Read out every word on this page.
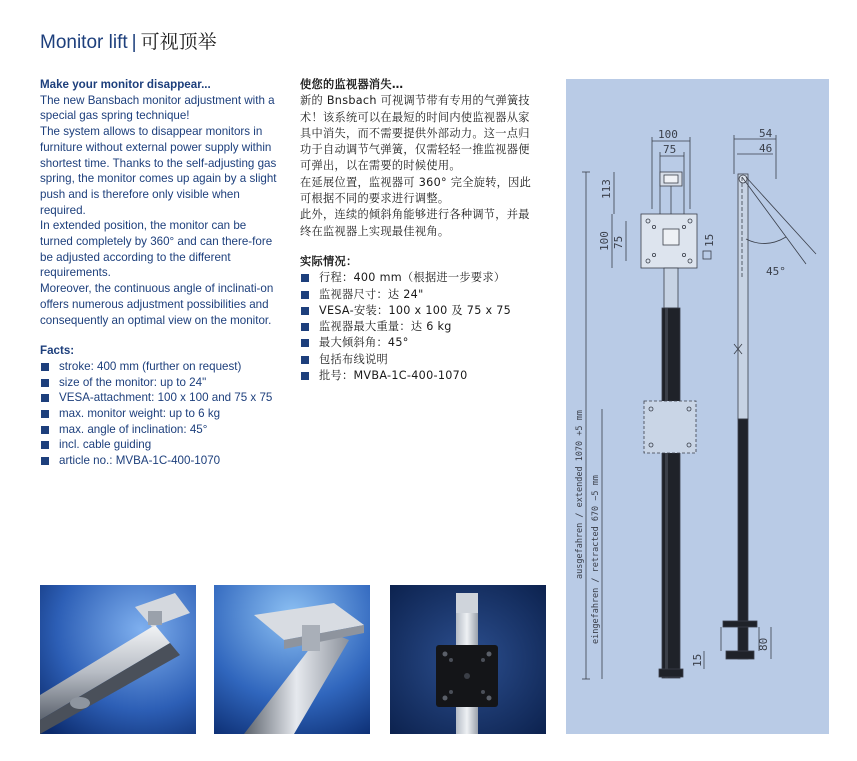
Monitor lift | 可视顶举

Make your monitor disappear...

The new Bansbach monitor adjustment with a special gas spring technique!

The system allows to disappear monitors in furniture without external power supply within shortest time. Thanks to the self-adjusting gas spring, the monitor comes up again by a slight push and is therefore only visible when required.

In extended position, the monitor can be turned completely by 360° and can there-fore be adjusted according to the different requirements.

Moreover, the continuous angle of inclinati-on offers numerous adjustment possibilities and consequently an optimal view on the monitor.

Facts:

stroke: 400 mm (further on request)
size of the monitor: up to 24"
VESA-attachment: 100 x 100 and 75 x 75
max. monitor weight: up to 6 kg
max. angle of inclination: 45°
incl. cable guiding
article no.: MVBA-1C-400-1070

使您的监视器消失…

新的 Bnsbach 可视调节带有专用的气弹簧技术！该系统可以在最短的时间内使监视器从家具中消失，而不需要提供外部动力。这一点归功于自动调节气弹簧，仅需轻轻一推监视器便可弹出，以在需要的时候使用。

在延展位置，监视器可 360° 完全旋转，因此可根据不同的要求进行调整。

此外，连续的倾斜角能够进行各种调节，并最终在监视器上实现最佳视角。

实际情况：

行程：400 mm（根据进一步要求）
监视器尺寸：达 24"
VESA-安装：100 x 100 及 75 x 75
监视器最大重量：达 6 kg
最大倾斜角：45°
包括布线说明
批号：MVBA-1C-400-1070
100
75
113
15
100 75
ausgefahren / extended 1070 +5 mm eingefahren / retracted 670 −5 mm
54
46
45°
80
15
